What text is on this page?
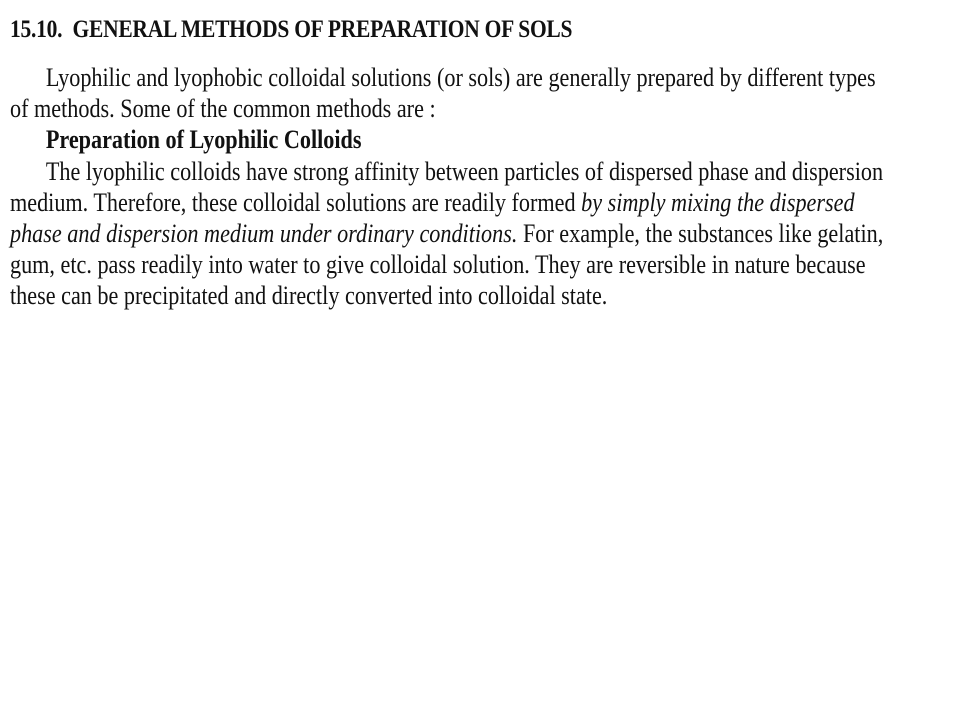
15.10. GENERAL METHODS OF PREPARATION OF SOLS
Lyophilic and lyophobic colloidal solutions (or sols) are generally prepared by different types
of methods. Some of the common methods are :
Preparation of Lyophilic Colloids
The lyophilic colloids have strong affinity between particles of dispersed phase and dispersion
medium. Therefore, these colloidal solutions are readily formed by simply mixing the dispersed
phase and dispersion medium under ordinary conditions. For example, the substances like gelatin,
gum, etc. pass readily into water to give colloidal solution. They are reversible in nature because
these can be precipitated and directly converted into colloidal state.
